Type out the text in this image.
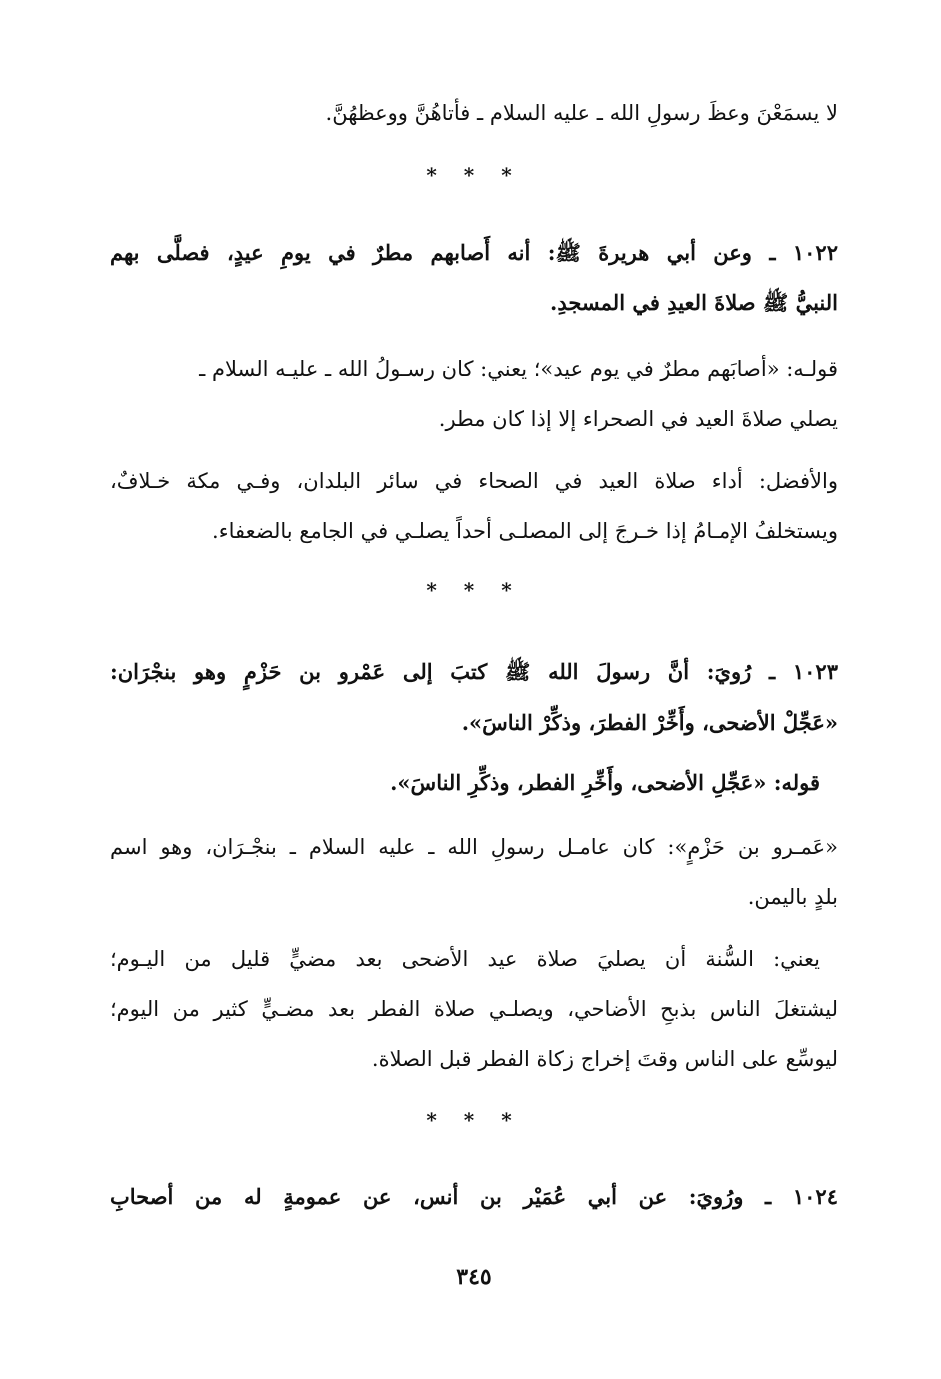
لا يسمَعْنَ وعظَ رسولِ الله ـ عليه السلام ـ فأتاهُنَّ ووعظهُنَّ.
* * *
١٠٢٢ ـ وعن أبي هريرةَ ﷺ: أنه أَصابهم مطرٌ في يومِ عيدٍ، فصلَّى بهم
النبيُّ ﷺ صلاةَ العيدِ في المسجدِ.
قولـه: «أصابَهم مطرٌ في يوم عيد»؛ يعني: كان رسـولُ الله ـ عليـه السلام ـ
يصلي صلاةَ العيد في الصحراء إلا إذا كان مطر.
والأفضل: أداء صلاة العيد في الصحاء في سائر البلدان، وفـي مكة خـلافٌ،
ويستخلفُ الإمـامُ إذا خـرجَ إلى المصلـى أحداً يصلـي في الجامع بالضعفاء.
* * *
١٠٢٣ ـ رُويَ: أنَّ رسولَ الله ﷺ كتبَ إلى عَمْرو بن حَزْمٍ وهو بنجْرَان:
«عَجِّلْ الأضحى، وأَخِّرْ الفطرَ، وذكِّرْ الناسَ».
قوله: «عَجِّلِ الأضحى، وأَخِّرِ الفطر، وذكِّرِ الناسَ».
«عَمـرو بن حَزْمٍ»: كان عامـل رسولِ الله ـ عليه السلام ـ بنجْـرَان، وهو اسم
بلدٍ باليمن.
يعني: السُّنة أن يصليَ صلاة عيد الأضحى بعد مضيٍّ قليل من اليـوم؛
ليشتغلَ الناس بذبحِ الأضاحي، ويصلـي صلاة الفطر بعد مضـيٍّ كثير من اليوم؛
ليوسِّع على الناس وقتَ إخراج زكاة الفطر قبل الصلاة.
* * *
١٠٢٤ ـ ورُويَ: عن أبي عُمَيْر بن أنس، عن عمومةٍ له من أصحابِ
٣٤٥
